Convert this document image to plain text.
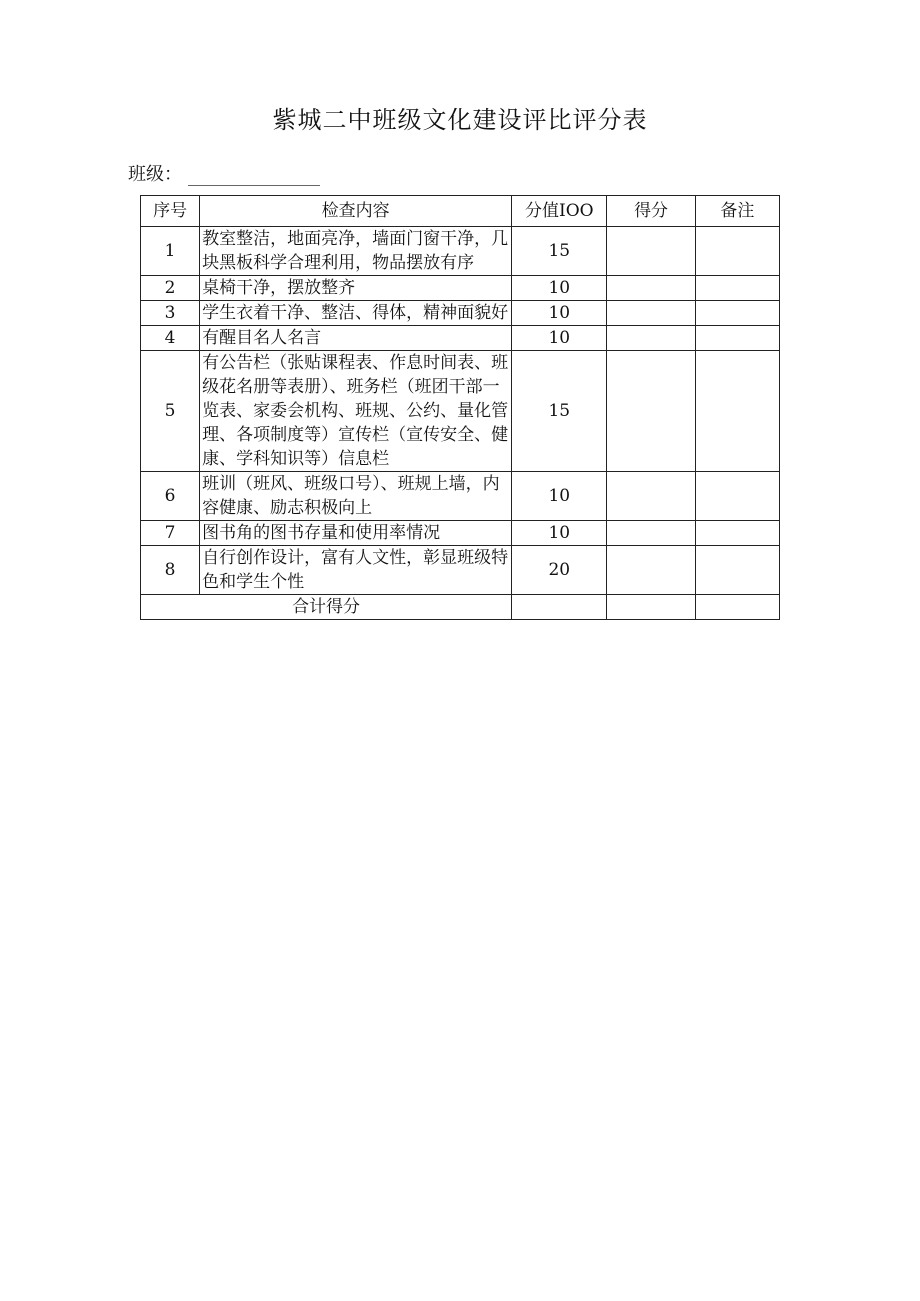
紫城二中班级文化建设评比评分表
班级：
序号	检查内容	分值IOO	得分	备注
1	教室整洁，地面亮净，墙面门窗干净，几块黑板科学合理利用，物品摆放有序	15		
2	桌椅干净，摆放整齐	10		
3	学生衣着干净、整洁、得体，精神面貌好	10		
4	有醒目名人名言	10		
5	有公告栏（张贴课程表、作息时间表、班级花名册等表册）、班务栏（班团干部一览表、家委会机构、班规、公约、量化管理、各项制度等）宣传栏（宣传安全、健康、学科知识等）信息栏	15		
6	班训（班风、班级口号）、班规上墙，内容健康、励志积极向上	10		
7	图书角的图书存量和使用率情况	10		
8	自行创作设计，富有人文性，彰显班级特色和学生个性	20		
合计得分				
